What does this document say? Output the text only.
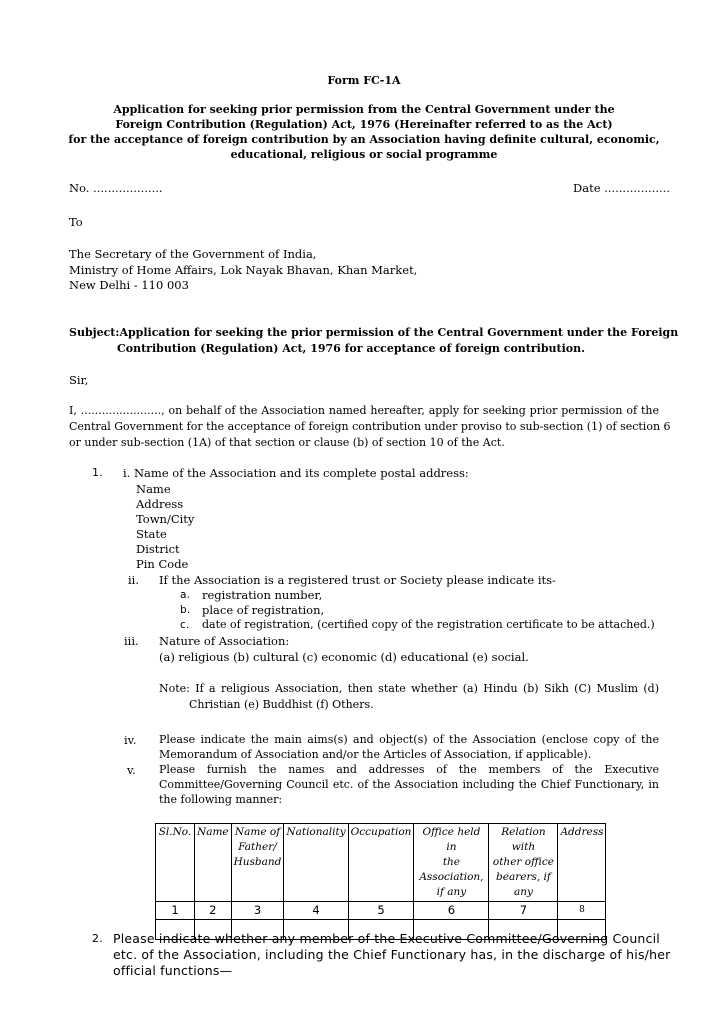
Form FC-1A
Application for seeking prior permission from the Central Government under the
Foreign Contribution (Regulation) Act, 1976 (Hereinafter referred to as the Act)
for the acceptance of foreign contribution by an Association having definite cultural, economic,
educational, religious or social programme
No. ...................	Date ..................
To
The Secretary of the Government of India,
Ministry of Home Affairs, Lok Nayak Bhavan, Khan Market,
New Delhi - 110 003
Subject:Application for seeking the prior permission of the Central Government under the Foreign
Contribution (Regulation) Act, 1976 for acceptance of foreign contribution.
Sir,
I, ......................., on behalf of the Association named hereafter, apply for seeking prior permission of the
Central Government for the acceptance of foreign contribution under proviso to sub-section (1) of section 6
or under sub-section (1A) of that section or clause (b) of section 10 of the Act.
1. i. Name of the Association and its complete postal address:
Name
Address
Town/City
State
District
Pin Code
ii. If the Association is a registered trust or Society please indicate its-
a. registration number,
b. place of registration,
c. date of registration, (certified copy of the registration certificate to be attached.)
iii. Nature of Association:
(a) religious (b) cultural (c) economic (d) educational (e) social.
Note: If a religious Association, then state whether (a) Hindu (b) Sikh (C) Muslim (d)
Christian (e) Buddhist (f) Others.
iv. Please indicate the main aims(s) and object(s) of the Association (enclose copy of the
Memorandum of Association and/or the Articles of Association, if applicable).
v. Please furnish the names and addresses of the members of the Executive
Committee/Governing Council etc. of the Association including the Chief Functionary, in
the following manner:
Sl.No.	Name	Name of
Father/
Husband	Nationality	Occupation	Office held in
the Association,
if any	Relation with
other office
bearers, if any	Address
1	2	3	4	5	6	7	8

2. Please indicate whether any member of the Executive Committee/Governing Council
etc. of the Association, including the Chief Functionary has, in the discharge of his/her
official functions—
